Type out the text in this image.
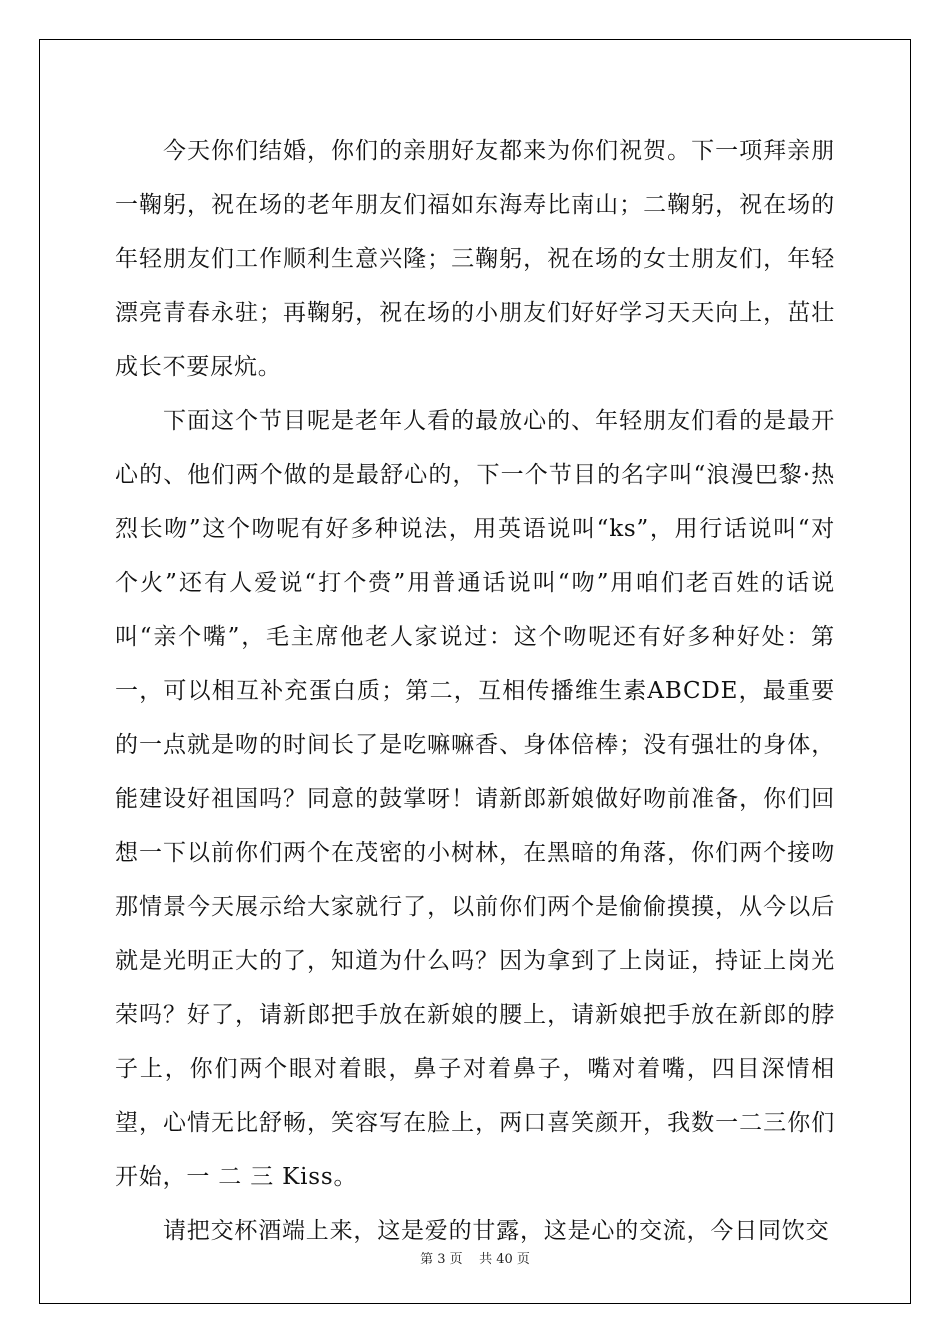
今天你们结婚，你们的亲朋好友都来为你们祝贺。下一项拜亲朋一鞠躬，祝在场的老年朋友们福如东海寿比南山；二鞠躬，祝在场的年轻朋友们工作顺利生意兴隆；三鞠躬，祝在场的女士朋友们，年轻漂亮青春永驻；再鞠躬，祝在场的小朋友们好好学习天天向上，茁壮成长不要尿炕。

下面这个节目呢是老年人看的最放心的、年轻朋友们看的是最开心的、他们两个做的是最舒心的，下一个节目的名字叫“浪漫巴黎·热烈长吻”这个吻呢有好多种说法，用英语说叫“ks”，用行话说叫“对个火”还有人爱说“打个赍”用普通话说叫“吻”用咱们老百姓的话说叫“亲个嘴”，毛主席他老人家说过：这个吻呢还有好多种好处：第一，可以相互补充蛋白质；第二，互相传播维生素ABCDE，最重要的一点就是吻的时间长了是吃嘛嘛香、身体倍棒；没有强壮的身体，能建设好祖国吗？同意的鼓掌呀！请新郎新娘做好吻前准备，你们回想一下以前你们两个在茂密的小树林，在黑暗的角落，你们两个接吻那情景今天展示给大家就行了，以前你们两个是偷偷摸摸，从今以后就是光明正大的了，知道为什么吗？因为拿到了上岗证，持证上岗光荣吗？好了，请新郎把手放在新娘的腰上，请新娘把手放在新郎的脖子上，你们两个眼对着眼，鼻子对着鼻子，嘴对着嘴，四目深情相望，心情无比舒畅，笑容写在脸上，两口喜笑颜开，我数一二三你们开始，一 二 三 Kiss。

请把交杯酒端上来，这是爱的甘露，这是心的交流，今日同饮交

第 3 页    共 40 页
